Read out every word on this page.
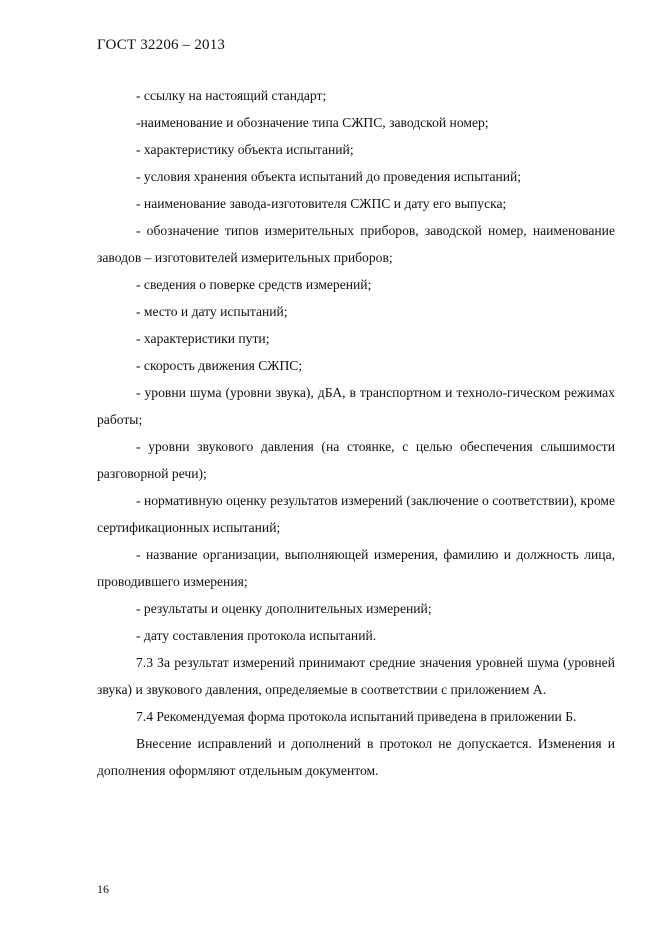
ГОСТ 32206 – 2013

- ссылку на настоящий стандарт;

-наименование и обозначение типа СЖПС, заводской номер;

- характеристику объекта испытаний;

- условия хранения объекта испытаний до проведения испытаний;

- наименование завода-изготовителя СЖПС и дату его выпуска;

- обозначение типов измерительных приборов, заводской номер, наименование заводов – изготовителей измерительных приборов;

- сведения о поверке средств измерений;

- место и дату испытаний;

- характеристики пути;

- скорость движения СЖПС;

- уровни шума (уровни звука), дБА, в транспортном и техноло-гическом режимах работы;

- уровни звукового давления (на стоянке, с целью обеспечения слышимости разговорной речи);

- нормативную оценку результатов измерений (заключение о соответствии), кроме сертификационных испытаний;

- название организации, выполняющей измерения, фамилию и должность лица, проводившего измерения;

- результаты и оценку дополнительных измерений;

- дату составления протокола испытаний.

7.3 За результат измерений принимают средние значения уровней шума (уровней звука) и звукового давления, определяемые в соответствии с приложением А.

7.4 Рекомендуемая форма протокола испытаний приведена в приложении Б.

Внесение исправлений и дополнений в протокол не допускается. Изменения и дополнения оформляют отдельным документом.

16
